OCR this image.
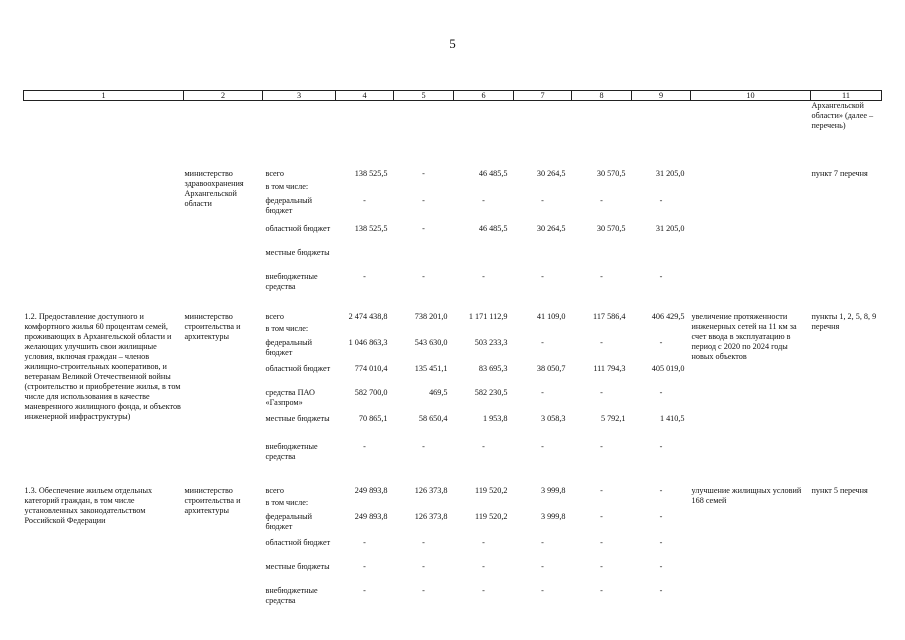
5
1	2	3	4	5	6	7	8	9	10	11
										Архангельской области» (далее – перечень)
	министерство здравоохранения Архангельской области	всего	138 525,5	-	46 485,5	30 264,5	30 570,5	31 205,0		пункт 7 перечня
		в том числе:								
		федеральный бюджет	-	-	-	-	-	-		
		областной бюджет	138 525,5	-	46 485,5	30 264,5	30 570,5	31 205,0		
		местные бюджеты								
		внебюджетные средства	-	-	-	-	-	-		

1.2. Предоставление доступного и комфортного жилья 60 процентам семей, проживающих в Архангельской области и желающих улучшить свои жилищные условия, включая граждан – членов жилищно-строительных кооперативов, и ветеранам Великой Отечественной войны (строительство и приобретение жилья, в том числе для использования в качестве маневренного жилищного фонда, и объектов инженерной инфраструктуры)	министерство строительства и архитектуры	всего	2 474 438,8	738 201,0	1 171 112,9	41 109,0	117 586,4	406 429,5	увеличение протяженности инженерных сетей на 11 км за счет ввода в эксплуатацию в период с 2020 по 2024 годы новых объектов	пункты 1, 2, 5, 8, 9 перечня
		в том числе:								
		федеральный бюджет	1 046 863,3	543 630,0	503 233,3	-	-	-		
		областной бюджет	774 010,4	135 451,1	83 695,3	38 050,7	111 794,3	405 019,0		
		средства ПАО «Газпром»	582 700,0	469,5	582 230,5	-	-	-		
		местные бюджеты	70 865,1	58 650,4	1 953,8	3 058,3	5 792,1	1 410,5		
		внебюджетные средства	-	-	-	-	-	-		

1.3. Обеспечение жильем отдельных категорий граждан, в том числе установленных законодательством Российской Федерации	министерство строительства и архитектуры	всего	249 893,8	126 373,8	119 520,2	3 999,8	-	-	улучшение жилищных условий 168 семей	пункт 5 перечня
		в том числе:								
		федеральный бюджет	249 893,8	126 373,8	119 520,2	3 999,8	-	-		
		областной бюджет	-	-	-	-	-	-		
		местные бюджеты	-	-	-	-	-	-		
		внебюджетные средства	-	-	-	-	-	-		
